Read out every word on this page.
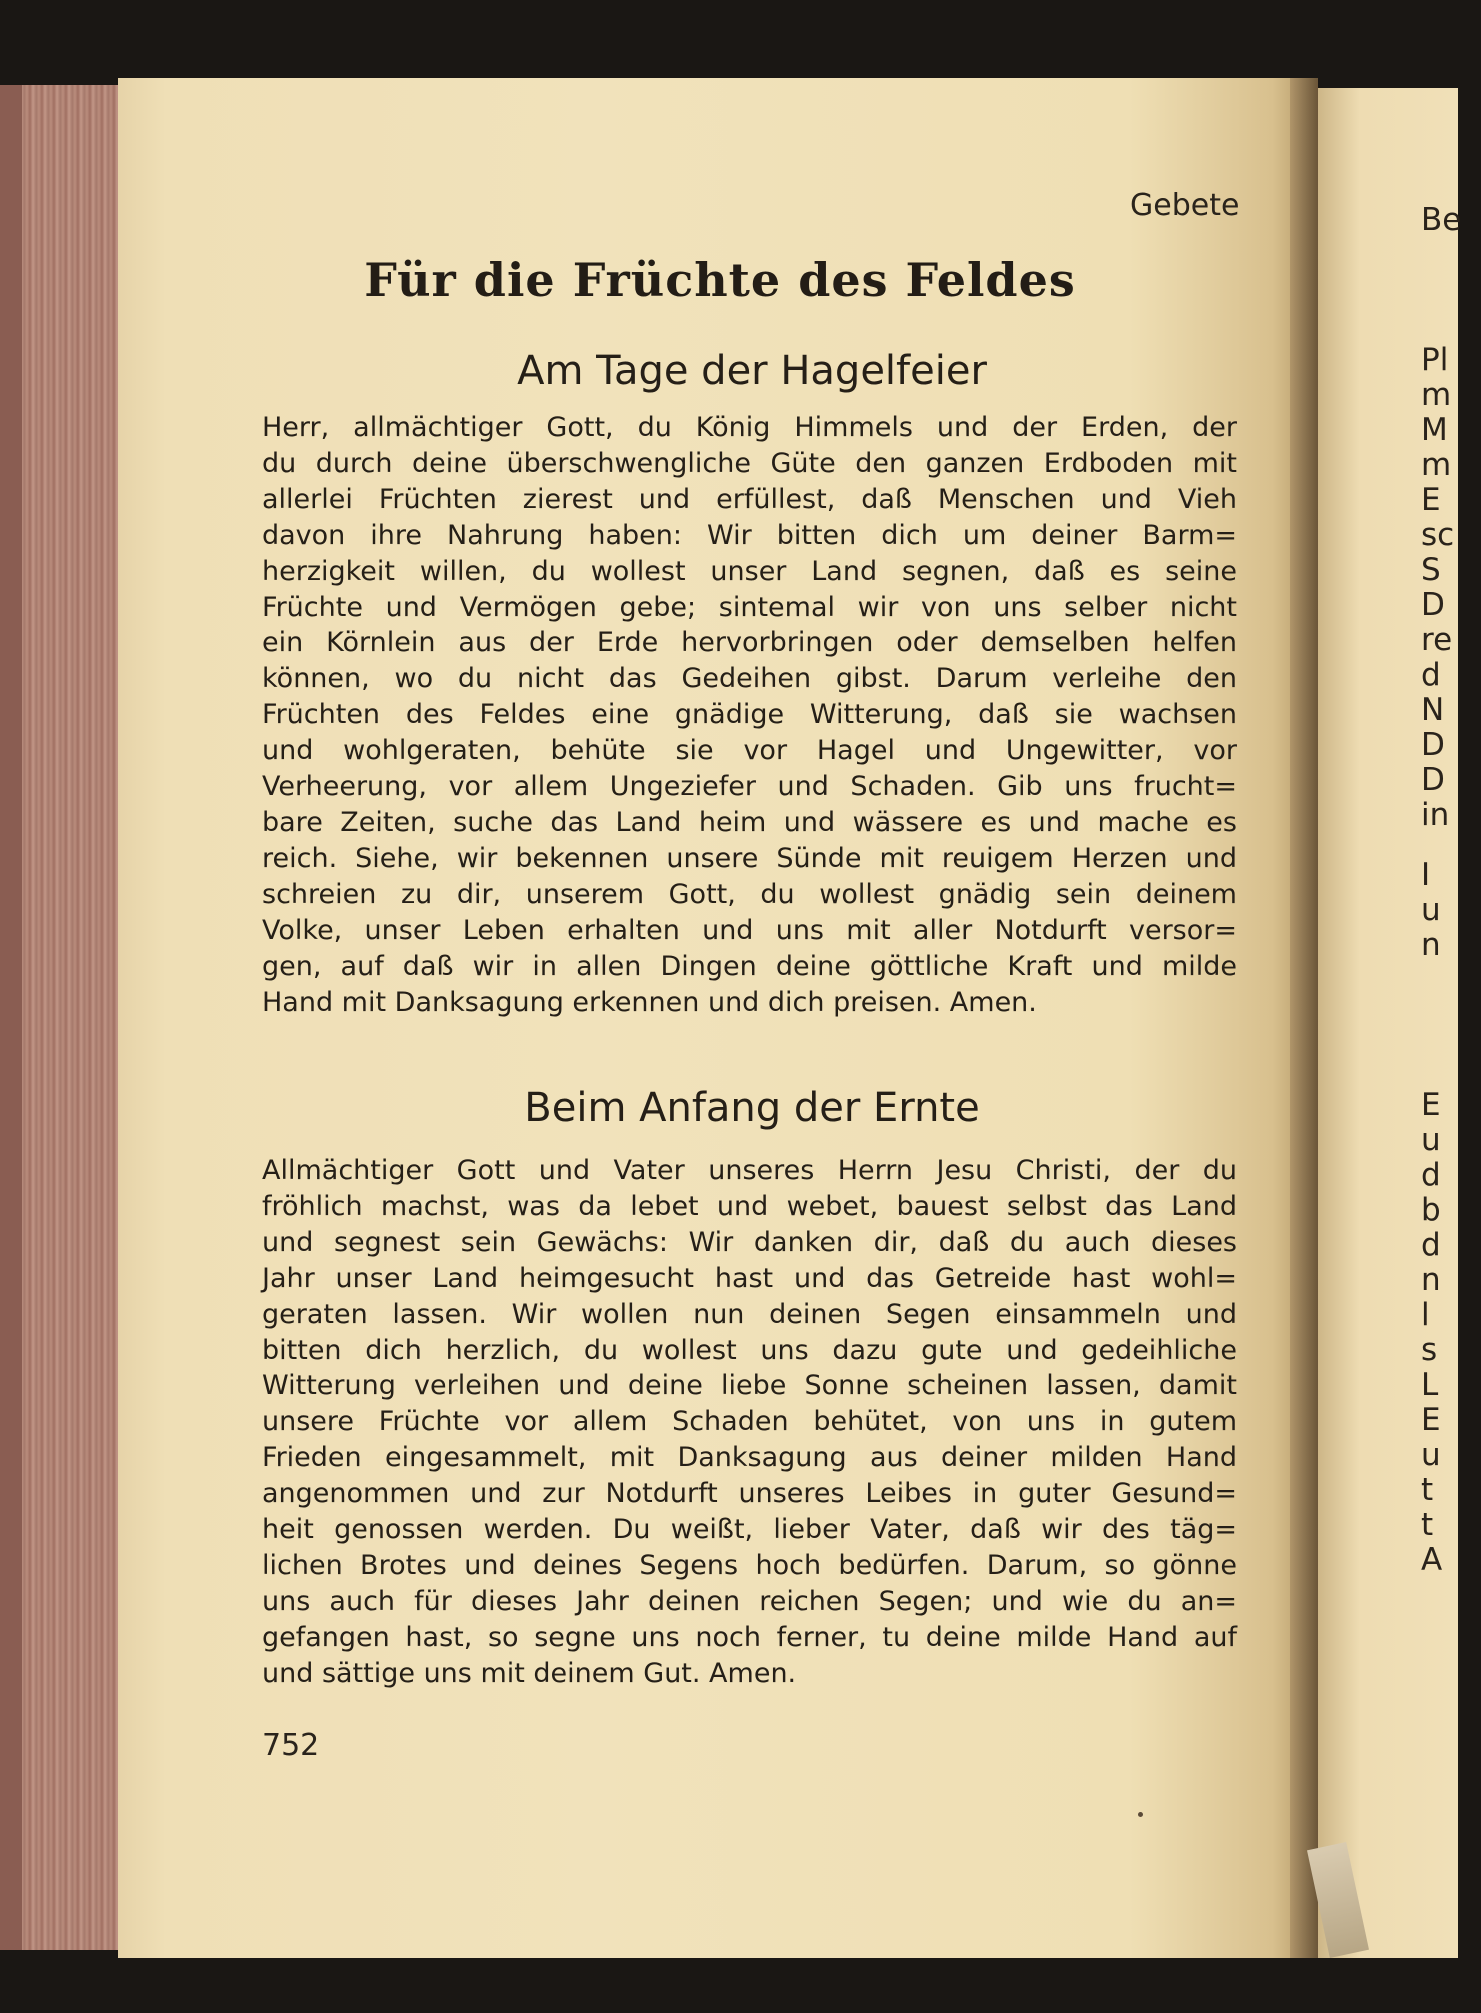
Be
Pl
m
M
m
E
sc
S
D
re
d
N
D
D
in
I
u
n
E
u
d
b
d
n
l
s
L
E
u
t
t
A
Gebete
Für die Früchte des Feldes
Am Tage der Hagelfeier
Herr, allmächtiger Gott, du König Himmels und der Erden, der
du durch deine überschwengliche Güte den ganzen Erdboden mit
allerlei Früchten zierest und erfüllest, daß Menschen und Vieh
davon ihre Nahrung haben: Wir bitten dich um deiner Barm=
herzigkeit willen, du wollest unser Land segnen, daß es seine
Früchte und Vermögen gebe; sintemal wir von uns selber nicht
ein Körnlein aus der Erde hervorbringen oder demselben helfen
können, wo du nicht das Gedeihen gibst. Darum verleihe den
Früchten des Feldes eine gnädige Witterung, daß sie wachsen
und wohlgeraten, behüte sie vor Hagel und Ungewitter, vor
Verheerung, vor allem Ungeziefer und Schaden. Gib uns frucht=
bare Zeiten, suche das Land heim und wässere es und mache es
reich. Siehe, wir bekennen unsere Sünde mit reuigem Herzen und
schreien zu dir, unserem Gott, du wollest gnädig sein deinem
Volke, unser Leben erhalten und uns mit aller Notdurft versor=
gen, auf daß wir in allen Dingen deine göttliche Kraft und milde
Hand mit Danksagung erkennen und dich preisen. Amen.
Beim Anfang der Ernte
Allmächtiger Gott und Vater unseres Herrn Jesu Christi, der du
fröhlich machst, was da lebet und webet, bauest selbst das Land
und segnest sein Gewächs: Wir danken dir, daß du auch dieses
Jahr unser Land heimgesucht hast und das Getreide hast wohl=
geraten lassen. Wir wollen nun deinen Segen einsammeln und
bitten dich herzlich, du wollest uns dazu gute und gedeihliche
Witterung verleihen und deine liebe Sonne scheinen lassen, damit
unsere Früchte vor allem Schaden behütet, von uns in gutem
Frieden eingesammelt, mit Danksagung aus deiner milden Hand
angenommen und zur Notdurft unseres Leibes in guter Gesund=
heit genossen werden. Du weißt, lieber Vater, daß wir des täg=
lichen Brotes und deines Segens hoch bedürfen. Darum, so gönne
uns auch für dieses Jahr deinen reichen Segen; und wie du an=
gefangen hast, so segne uns noch ferner, tu deine milde Hand auf
und sättige uns mit deinem Gut. Amen.
752
